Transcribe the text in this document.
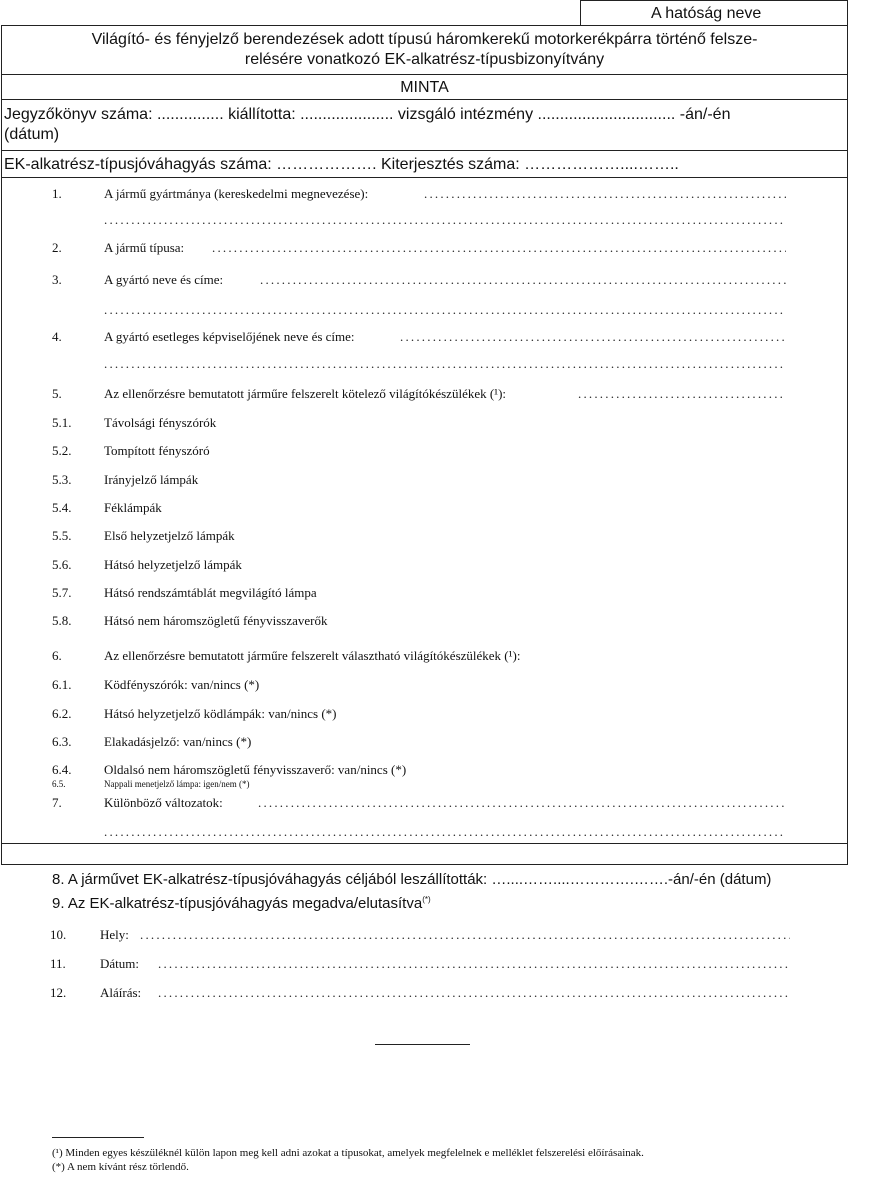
A hatóság neve
Világító- és fényjelző berendezések adott típusú háromkerekű motorkerékpárra történő felsze-
relésére vonatkozó EK-alkatrész-típusbizonyítvány
MINTA
Jegyzőkönyv száma: ............... kiállította: ..................... vizsgáló intézmény ............................... -án/-én
(dátum)
EK-alkatrész-típusjóváhagyás száma: ………………. Kiterjesztés száma: ………………....……..
1.	A jármű gyártmánya (kereskedelmi megnevezése):
.....
.....
2.	A jármű típusa:
.....
3.	A gyártó neve és címe:
.....
.....
4.	A gyártó esetleges képviselőjének neve és címe:
.....
.....
5.	Az ellenőrzésre bemutatott járműre felszerelt kötelező világítókészülékek (¹):
.....
5.1.	Távolsági fényszórók
5.2.	Tompított fényszóró
5.3.	Irányjelző lámpák
5.4.	Féklámpák
5.5.	Első helyzetjelző lámpák
5.6.	Hátsó helyzetjelző lámpák
5.7.	Hátsó rendszámtáblát megvilágító lámpa
5.8.	Hátsó nem háromszögletű fényvisszaverők
6.	Az ellenőrzésre bemutatott járműre felszerelt választható világítókészülékek (¹):
6.1.	Ködfényszórók: van/nincs (*)
6.2.	Hátsó helyzetjelző ködlámpák: van/nincs (*)
6.3.	Elakadásjelző: van/nincs (*)
6.4.	Oldalsó nem háromszögletű fényvisszaverő: van/nincs (*)
6.5.	Nappali menetjelző lámpa: igen/nem (*)
7.	Különböző változatok:
.....
.....
8. A járművet EK-alkatrész-típusjóváhagyás céljából leszállították: …....……....………….…….-án/-én (dátum)
9. Az EK-alkatrész-típusjóváhagyás megadva/elutasítva(*)
10.	Hely:
.....
11.	Dátum:
.....
12.	Aláírás:
.....
(¹) Minden egyes készüléknél külön lapon meg kell adni azokat a típusokat, amelyek megfelelnek e melléklet felszerelési előírásainak.
(*) A nem kívánt rész törlendő.
